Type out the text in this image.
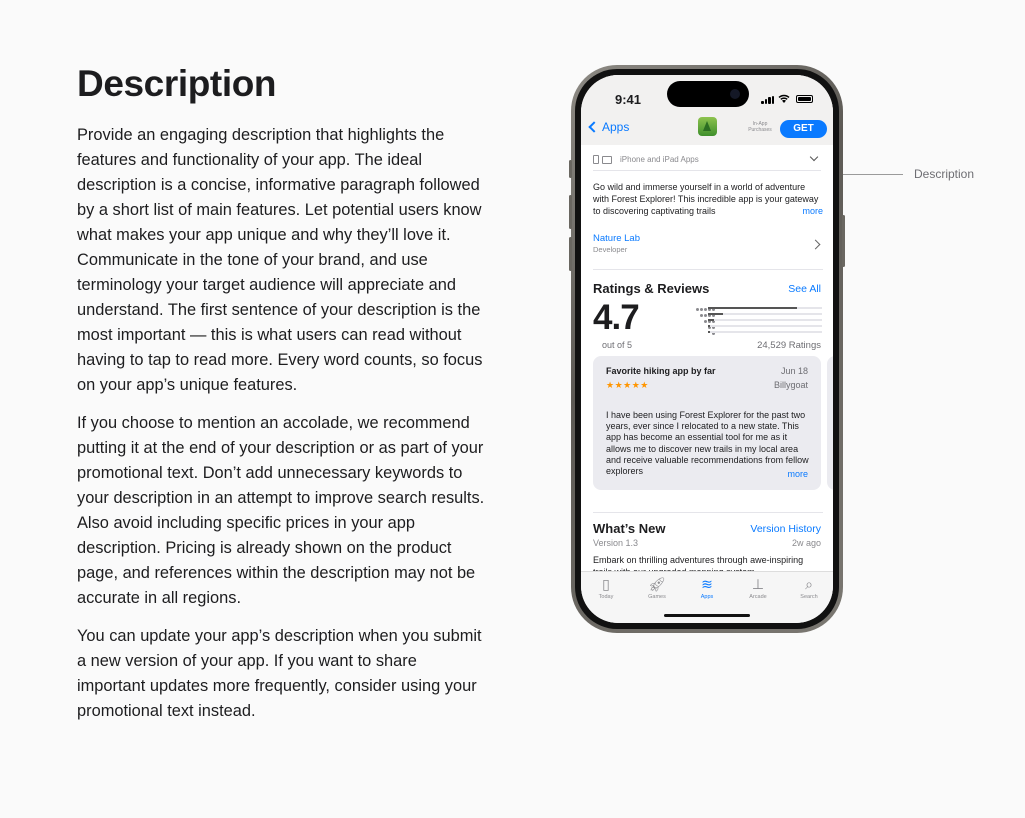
Description

Provide an engaging description that highlights the features and functionality of your app. The ideal description is a concise, informative paragraph followed by a short list of main features. Let potential users know what makes your app unique and why they’ll love it. Communicate in the tone of your brand, and use terminology your target audience will appreciate and understand. The first sentence of your description is the most important — this is what users can read without having to tap to read more. Every word counts, so focus on your app’s unique features.

If you choose to mention an accolade, we recommend putting it at the end of your description or as part of your promotional text. Don’t add unnecessary keywords to your description in an attempt to improve search results. Also avoid including specific prices in your app description. Pricing is already shown on the product page, and references within the description may not be accurate in all regions.

You can update your app’s description when you submit a new version of your app. If you want to share important updates more frequently, consider using your promotional text instead.

Description
9:41
Apps	In-App Purchases	GET
iPhone and iPad Apps
Go wild and immerse yourself in a world of adventure with Forest Explorer! This incredible app is your gateway to discovering captivating trails	more
Nature Lab
Developer
Ratings & Reviews	See All
4.7
out of 5	24,529 Ratings
Favorite hiking app by far	Jun 18
★★★★★	Billygoat
I have been using Forest Explorer for the past two years, ever since I relocated to a new state. This app has become an essential tool for me as it allows me to discover new trails in my local area and receive valuable recommendations from fellow explorers	more
What’s New	Version History
Version 1.3	2w ago
Embark on thrilling adventures through awe-inspiring
▯
Today
🚀︎
Games
≋
Apps
⊥
Arcade
⌕
Search
